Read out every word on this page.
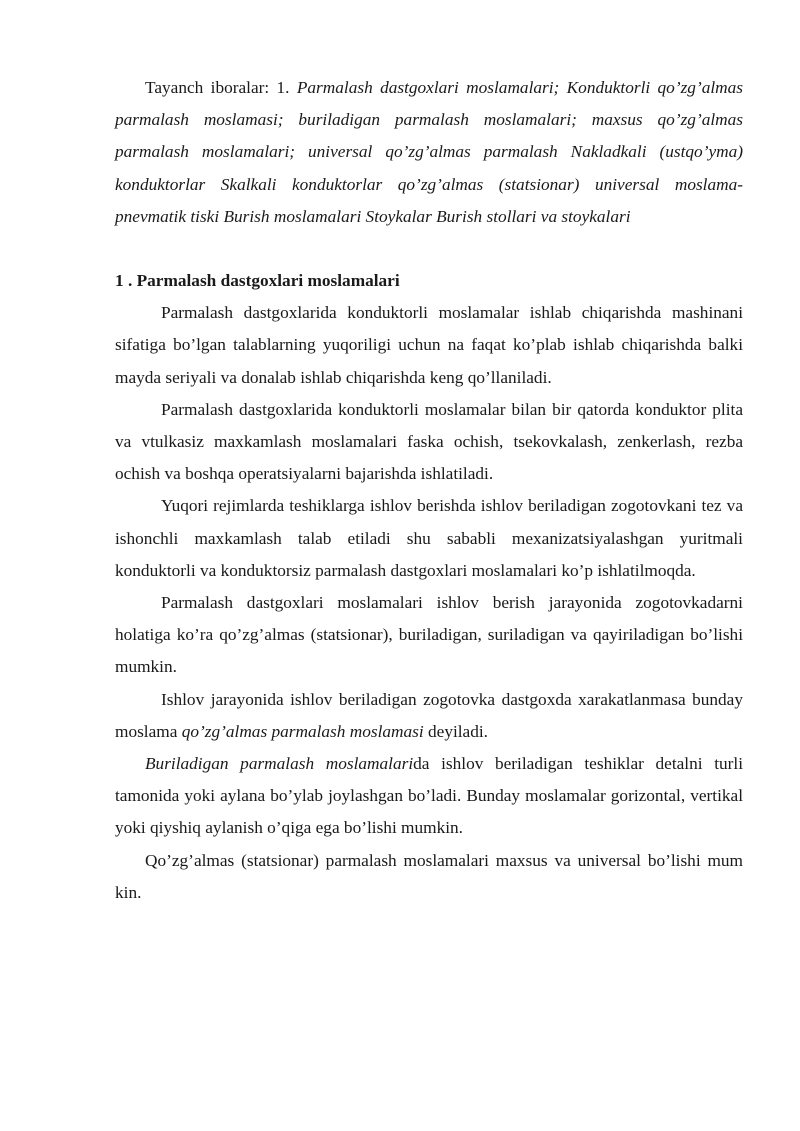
Tayanch iboralar: 1. Parmalash dastgoxlari moslamalari; Konduktorli qo’zg’almas parmalash moslamasi; buriladigan parmalash moslamalari; maxsus qo’zg’almas parmalash moslamalari; universal qo’zg’almas parmalash Nakladkali (ustqo’yma) konduktorlar Skalkali konduktorlar qo’zg’almas (statsionar) universal moslama-pnevmatik tiski Burish moslamalari Stoykalar Burish stollari va stoykalari

1 . Parmalash dastgoxlari moslamalari

Parmalash dastgoxlarida konduktorli moslamalar ishlab chiqarishda mashinani sifatiga bo’lgan talablarning yuqoriligi uchun na faqat ko’plab ishlab chiqarishda balki mayda seriyali va donalab ishlab chiqarishda keng qo’llaniladi.

Parmalash dastgoxlarida konduktorli moslamalar bilan bir qatorda konduktor plita va vtulkasiz maxkamlash moslamalari faska ochish, tsekovkalash, zenkerlash, rezba ochish va boshqa operatsiyalarni bajarishda ishlatiladi.

Yuqori rejimlarda teshiklarga ishlov berishda ishlov beriladigan zogotovkani tez va ishonchli maxkamlash talab etiladi shu sababli mexanizatsiyalashgan yuritmali konduktorli va konduktorsiz parmalash dastgoxlari moslamalari ko’p ishlatilmoqda.

Parmalash dastgoxlari moslamalari ishlov berish jarayonida zogotovkadarni holatiga ko’ra qo’zg’almas (statsionar), buriladigan, suriladigan va qayiriladigan bo’lishi mumkin.

Ishlov jarayonida ishlov beriladigan zogotovka dastgoxda xarakatlanmasa bunday moslama qo’zg’almas parmalash moslamasi deyiladi.

Buriladigan parmalash moslamalarida ishlov beriladigan teshiklar detalni turli tamonida yoki aylana bo’ylab joylashgan bo’ladi. Bunday moslamalar gorizontal, vertikal yoki qiyshiq aylanish o’qiga ega bo’lishi mumkin.

Qo’zg’almas (statsionar) parmalash moslamalari maxsus va universal bo’lishi mum kin.
